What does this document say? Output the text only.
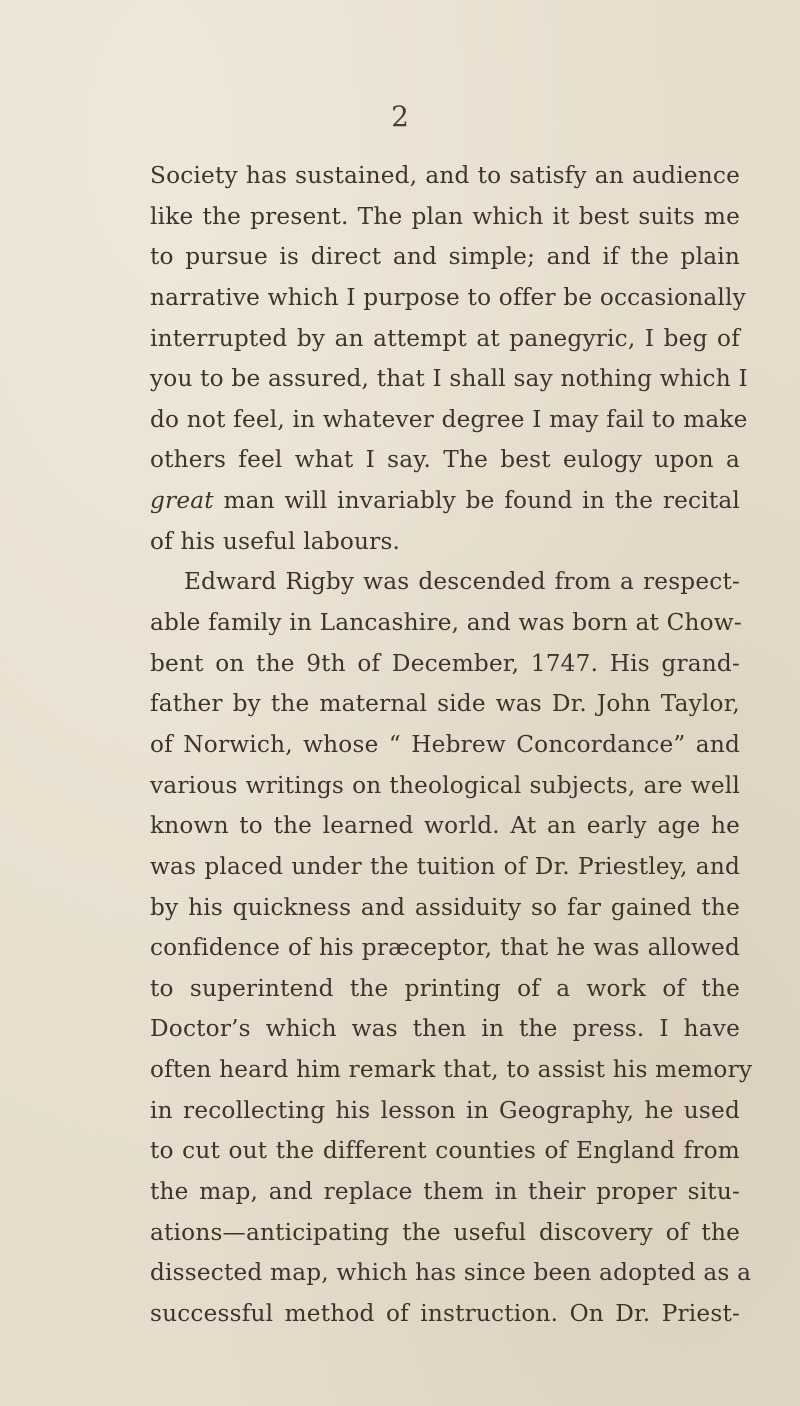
2
Society has sustained, and to satisfy an audience
like the present. The plan which it best suits me
to pursue is direct and simple; and if the plain
narrative which I purpose to offer be occasionally
interrupted by an attempt at panegyric, I beg of
you to be assured, that I shall say nothing which I
do not feel, in whatever degree I may fail to make
others feel what I say. The best eulogy upon a
great man will invariably be found in the recital
of his useful labours.
Edward Rigby was descended from a respect-
able family in Lancashire, and was born at Chow-
bent on the 9th of December, 1747. His grand-
father by the maternal side was Dr. John Taylor,
of Norwich, whose “ Hebrew Concordance” and
various writings on theological subjects, are well
known to the learned world. At an early age he
was placed under the tuition of Dr. Priestley, and
by his quickness and assiduity so far gained the
confidence of his præceptor, that he was allowed
to superintend the printing of a work of the
Doctor’s which was then in the press. I have
often heard him remark that, to assist his memory
in recollecting his lesson in Geography, he used
to cut out the different counties of England from
the map, and replace them in their proper situ-
ations—anticipating the useful discovery of the
dissected map, which has since been adopted as a
successful method of instruction. On Dr. Priest-
